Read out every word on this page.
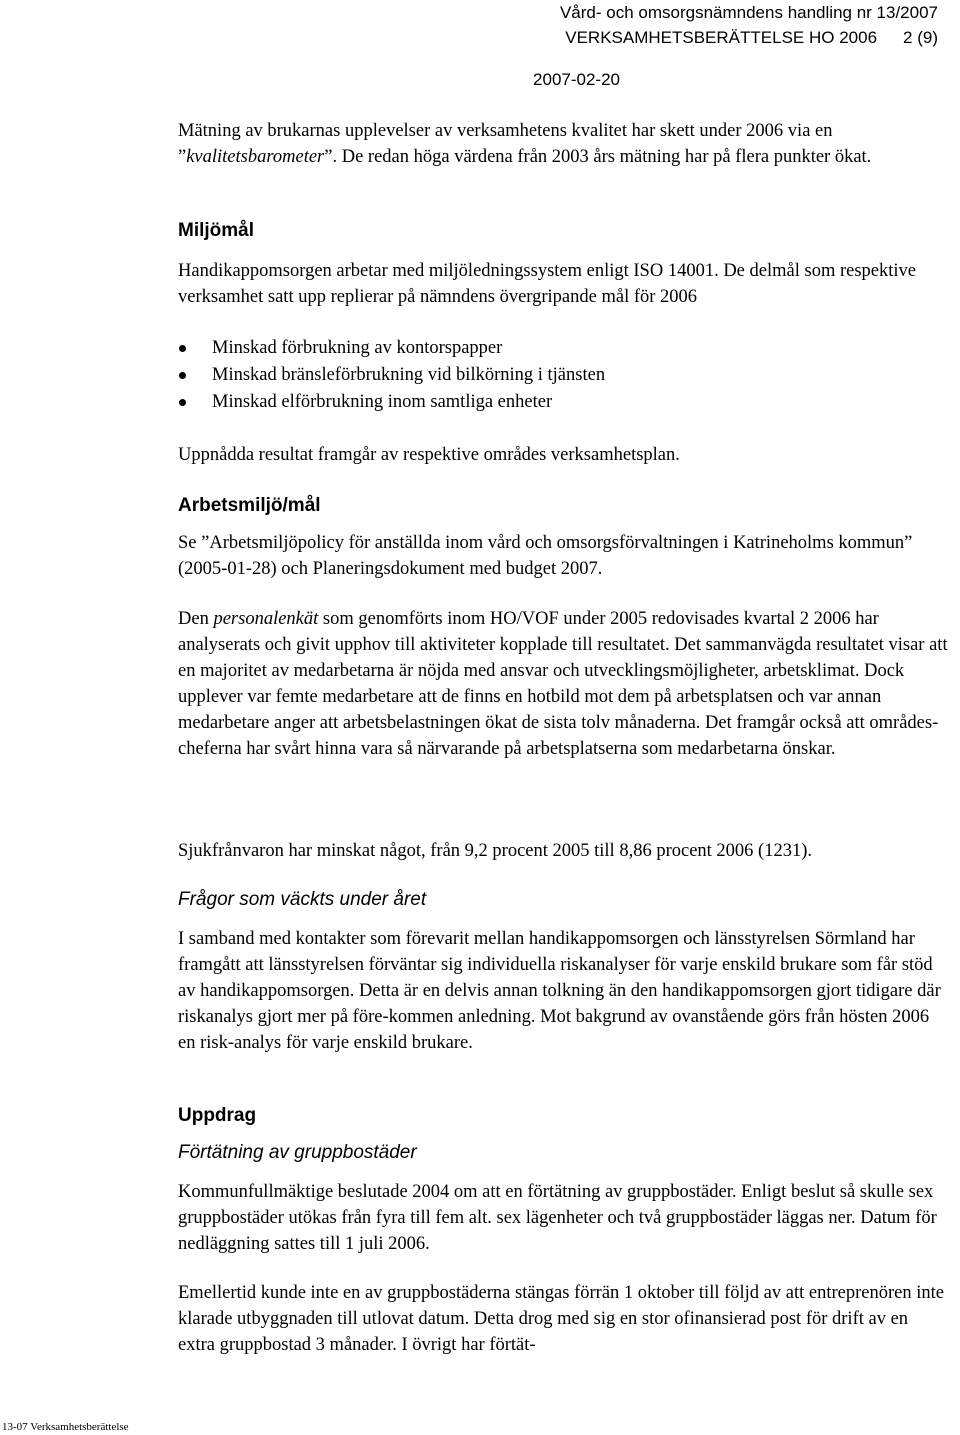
Vård- och omsorgsnämndens handling nr 13/2007
VERKSAMHETSBERÄTTELSE HO 2006 2 (9)
2007-02-20

Mätning av brukarnas upplevelser av verksamhetens kvalitet har skett under 2006 via en ”kvalitetsbarometer”. De redan höga värdena från 2003 års mätning har på flera punkter ökat.

Miljömål
Handikappomsorgen arbetar med miljöledningssystem enligt ISO 14001. De delmål som respektive verksamhet satt upp replierar på nämndens övergripande mål för 2006
Minskad förbrukning av kontorspapper
Minskad bränsleförbrukning vid bilkörning i tjänsten
Minskad elförbrukning inom samtliga enheter
Uppnådda resultat framgår av respektive områdes verksamhetsplan.
Arbetsmiljö/mål
Se ”Arbetsmiljöpolicy för anställda inom vård och omsorgsförvaltningen i Katrineholms kommun” (2005-01-28) och Planeringsdokument med budget 2007.

Den personalenkät som genomförts inom HO/VOF under 2005 redovisades kvartal 2 2006 har analyserats och givit upphov till aktiviteter kopplade till resultatet. Det sammanvägda resultatet visar att en majoritet av medarbetarna är nöjda med ansvar och utvecklingsmöjligheter, arbetsklimat. Dock upplever var femte medarbetare att de finns en hotbild mot dem på arbetsplatsen och var annan medarbetare anger att arbetsbelastningen ökat de sista tolv månaderna. Det framgår också att områdes-cheferna har svårt hinna vara så närvarande på arbetsplatserna som medarbetarna önskar.

Sjukfrånvaron har minskat något, från 9,2 procent 2005 till 8,86 procent 2006 (1231).
Frågor som väckts under året
I samband med kontakter som förevarit mellan handikappomsorgen och länsstyrelsen Sörmland har framgått att länsstyrelsen förväntar sig individuella riskanalyser för varje enskild brukare som får stöd av handikappomsorgen. Detta är en delvis annan tolkning än den handikappomsorgen gjort tidigare där riskanalys gjort mer på före-kommen anledning. Mot bakgrund av ovanstående görs från hösten 2006 en risk-analys för varje enskild brukare.
Uppdrag
Förtätning av gruppbostäder
Kommunfullmäktige beslutade 2004 om att en förtätning av gruppbostäder. Enligt beslut så skulle sex gruppbostäder utökas från fyra till fem alt. sex lägenheter och två gruppbostäder läggas ner. Datum för nedläggning sattes till 1 juli 2006.
Emellertid kunde inte en av gruppbostäderna stängas förrän 1 oktober till följd av att entreprenören inte klarade utbyggnaden till utlovat datum. Detta drog med sig en stor ofinansierad post för drift av en extra gruppbostad 3 månader. I övrigt har förtät-
13-07 Verksamhetsberättelse
